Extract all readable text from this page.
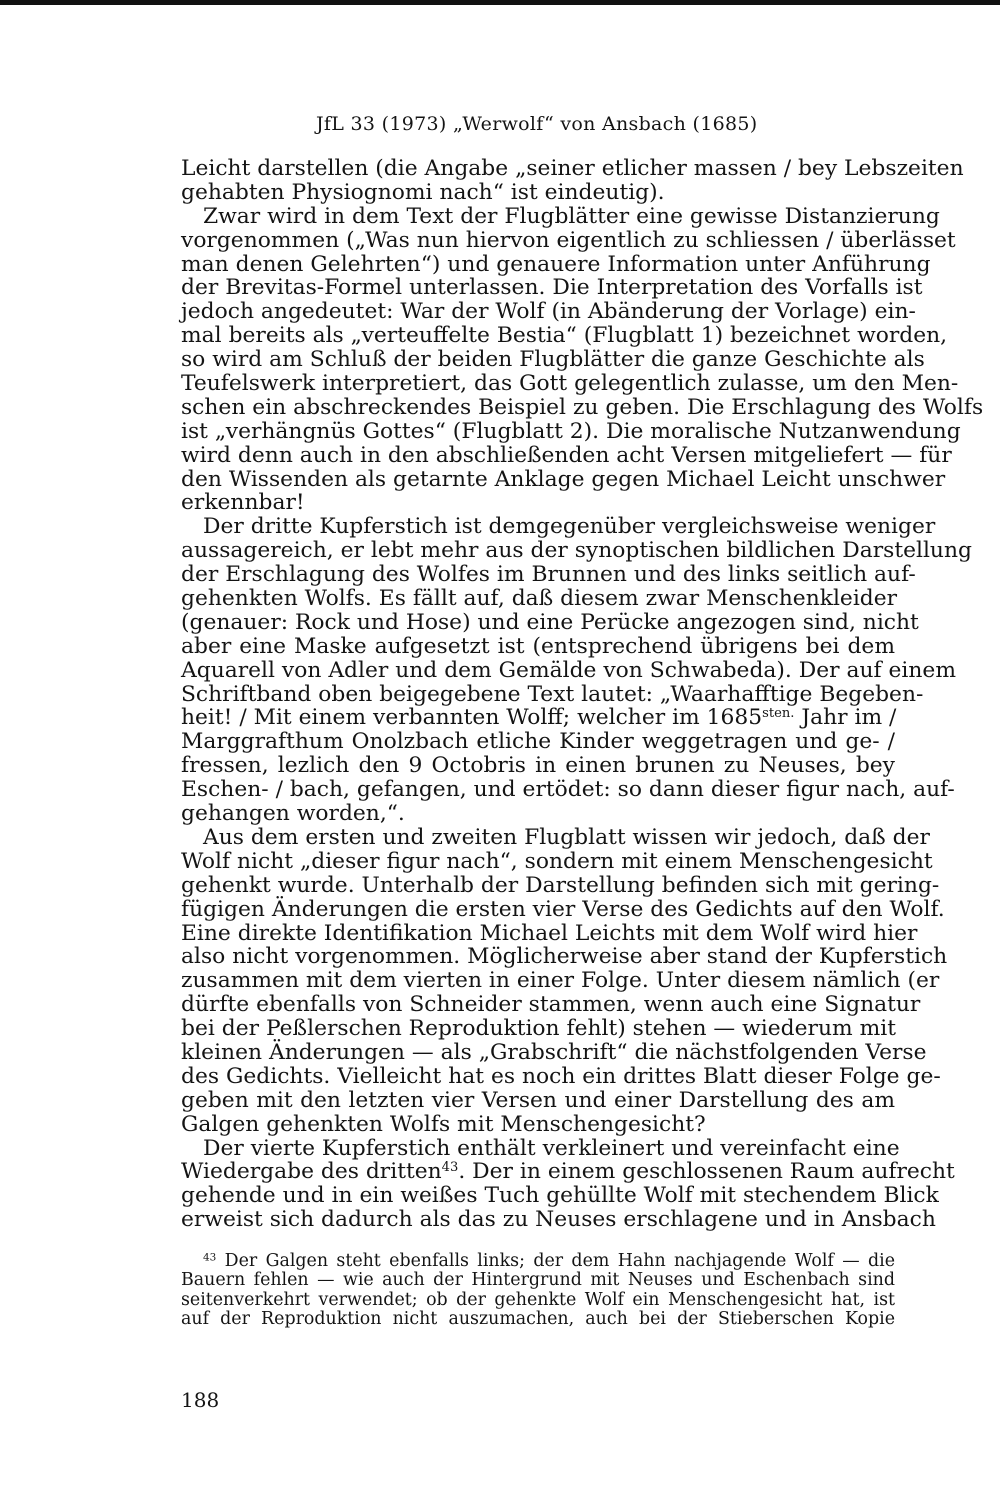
JfL 33 (1973) „Werwolf“ von Ansbach (1685)
Leicht darstellen (die Angabe „seiner etlicher massen / bey Lebszeiten
gehabten Physiognomi nach“ ist eindeutig).
Zwar wird in dem Text der Flugblätter eine gewisse Distanzierung
vorgenommen („Was nun hiervon eigentlich zu schliessen / überlässet
man denen Gelehrten“) und genauere Information unter Anführung
der Brevitas-Formel unterlassen. Die Interpretation des Vorfalls ist
jedoch angedeutet: War der Wolf (in Abänderung der Vorlage) ein-
mal bereits als „verteuffelte Bestia“ (Flugblatt 1) bezeichnet worden,
so wird am Schluß der beiden Flugblätter die ganze Geschichte als
Teufelswerk interpretiert, das Gott gelegentlich zulasse, um den Men-
schen ein abschreckendes Beispiel zu geben. Die Erschlagung des Wolfs
ist „verhängnüs Gottes“ (Flugblatt 2). Die moralische Nutzanwendung
wird denn auch in den abschließenden acht Versen mitgeliefert — für
den Wissenden als getarnte Anklage gegen Michael Leicht unschwer
erkennbar!
Der dritte Kupferstich ist demgegenüber vergleichsweise weniger
aussagereich, er lebt mehr aus der synoptischen bildlichen Darstellung
der Erschlagung des Wolfes im Brunnen und des links seitlich auf-
gehenkten Wolfs. Es fällt auf, daß diesem zwar Menschenkleider
(genauer: Rock und Hose) und eine Perücke angezogen sind, nicht
aber eine Maske aufgesetzt ist (entsprechend übrigens bei dem
Aquarell von Adler und dem Gemälde von Schwabeda). Der auf einem
Schriftband oben beigegebene Text lautet: „Waarhafftige Begeben-
heit! / Mit einem verbannten Wolff; welcher im $1685^{sten.}$ Jahr im /
Marggrafthum Onolzbach etliche Kinder weggetragen und ge- /
fressen, lezlich den 9 Octobris in einen brunen zu Neuses, bey
Eschen- / bach, gefangen, und ertödet: so dann dieser figur nach, auf-
gehangen worden,“.
Aus dem ersten und zweiten Flugblatt wissen wir jedoch, daß der
Wolf nicht „dieser figur nach“, sondern mit einem Menschengesicht
gehenkt wurde. Unterhalb der Darstellung befinden sich mit gering-
fügigen Änderungen die ersten vier Verse des Gedichts auf den Wolf.
Eine direkte Identifikation Michael Leichts mit dem Wolf wird hier
also nicht vorgenommen. Möglicherweise aber stand der Kupferstich
zusammen mit dem vierten in einer Folge. Unter diesem nämlich (er
dürfte ebenfalls von Schneider stammen, wenn auch eine Signatur
bei der Peßlerschen Reproduktion fehlt) stehen — wiederum mit
kleinen Änderungen — als „Grabschrift“ die nächstfolgenden Verse
des Gedichts. Vielleicht hat es noch ein drittes Blatt dieser Folge ge-
geben mit den letzten vier Versen und einer Darstellung des am
Galgen gehenkten Wolfs mit Menschengesicht?
Der vierte Kupferstich enthält verkleinert und vereinfacht eine
Wiedergabe des dritten$^{43}$. Der in einem geschlossenen Raum aufrecht
gehende und in ein weißes Tuch gehüllte Wolf mit stechendem Blick
erweist sich dadurch als das zu Neuses erschlagene und in Ansbach
$^{43}$ Der Galgen steht ebenfalls links; der dem Hahn nachjagende Wolf — die
Bauern fehlen — wie auch der Hintergrund mit Neuses und Eschenbach sind
seitenverkehrt verwendet; ob der gehenkte Wolf ein Menschengesicht hat, ist
auf der Reproduktion nicht auszumachen, auch bei der Stieberschen Kopie
188
